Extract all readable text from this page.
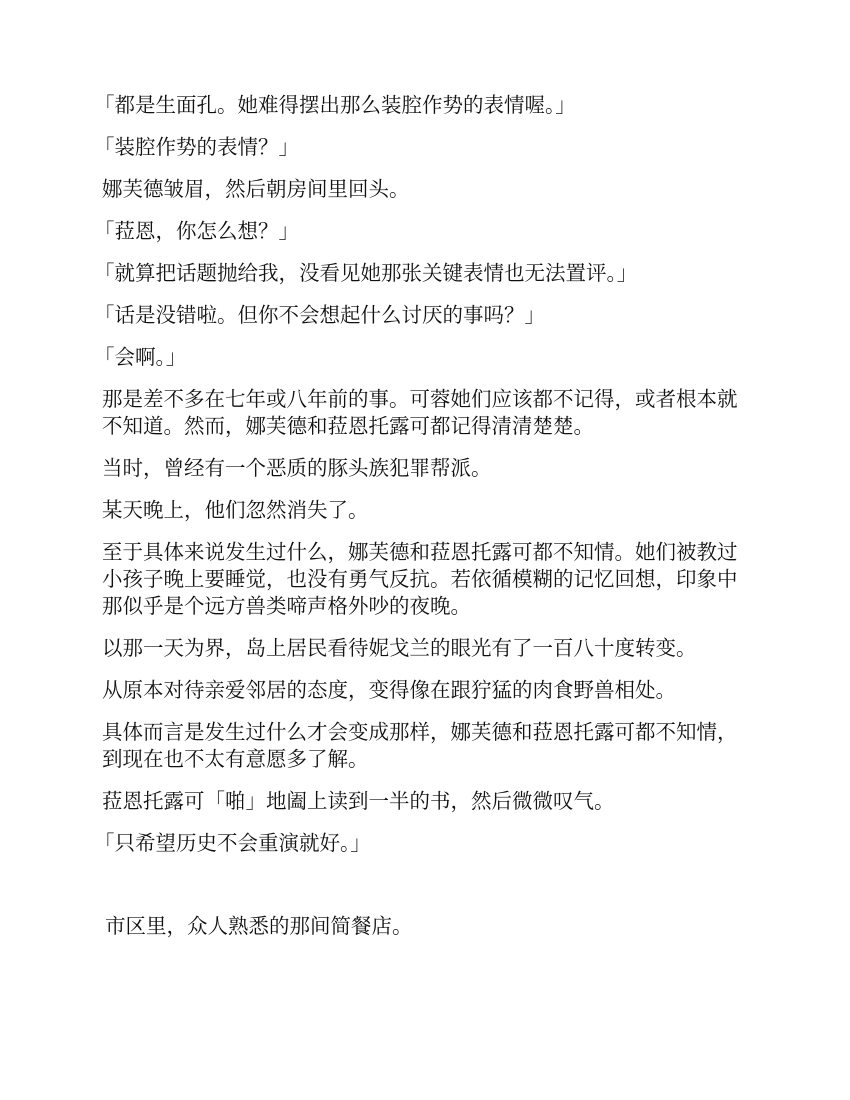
「都是生面孔。她难得摆出那么装腔作势的表情喔。」

「装腔作势的表情？」

娜芙德皱眉，然后朝房间里回头。

「菈恩，你怎么想？」

「就算把话题抛给我，没看见她那张关键表情也无法置评。」

「话是没错啦。但你不会想起什么讨厌的事吗？」

「会啊。」

那是差不多在七年或八年前的事。可蓉她们应该都不记得，或者根本就不知道。然而，娜芙德和菈恩托露可都记得清清楚楚。

当时，曾经有一个恶质的豚头族犯罪帮派。

某天晚上，他们忽然消失了。

至于具体来说发生过什么，娜芙德和菈恩托露可都不知情。她们被教过小孩子晚上要睡觉，也没有勇气反抗。若依循模糊的记忆回想，印象中那似乎是个远方兽类啼声格外吵的夜晚。

以那一天为界，岛上居民看待妮戈兰的眼光有了一百八十度转变。

从原本对待亲爱邻居的态度，变得像在跟狞猛的肉食野兽相处。

具体而言是发生过什么才会变成那样，娜芙德和菈恩托露可都不知情，到现在也不太有意愿多了解。

菈恩托露可「啪」地阖上读到一半的书，然后微微叹气。

「只希望历史不会重演就好。」

市区里，众人熟悉的那间简餐店。
